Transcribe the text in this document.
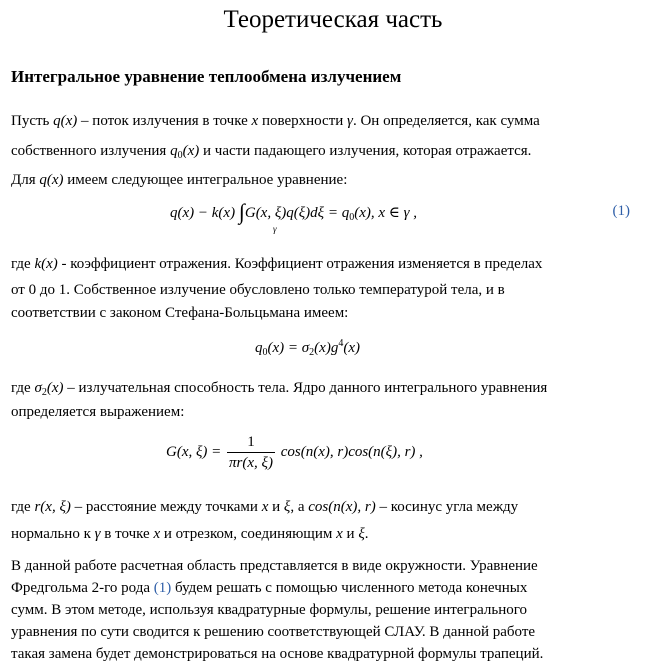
Теоретическая часть
Интегральное уравнение теплообмена излучением
Пусть q(x) – поток излучения в точке x поверхности γ. Он определяется, как сумма
собственного излучения $q_0(x)$ и части падающего излучения, которая отражается.
Для q(x) имеем следующее интегральное уравнение:
q(x) − k(x) ∫G(x, $\xi)q(\xi)d\xi = q_0(x)$, x ∈ γ ,
γ
(1)
где k(x) - коэффициент отражения. Коэффициент отражения изменяется в пределах
от 0 до 1. Собственное излучение обусловлено только температурой тела, и в
соответствии с законом Стефана-Больцьмана имеем:
$q_0(x) = \sigma_2(x)g^4(x)$
где $\sigma_2(x)$ – излучательная способность тела. Ядро данного интегрального уравнения
определяется выражением:
G(x, $\xi) = \frac{1}{\pi r(x, \xi)} \cos(n(x)$, r)cos(n(ξ), r) ,
где r(x, ξ) – расстояние между точками x и ξ, а cos(n(x), r) – косинус угла между
нормально к γ в точке x и отрезком, соединяющим x и ξ.
В данной работе расчетная область представляется в виде окружности. Уравнение
Фредгольма 2-го рода (1) будем решать с помощью численного метода конечных
сумм. В этом методе, используя квадратурные формулы, решение интегрального
уравнения по сути сводится к решению соответствующей СЛАУ. В данной работе
такая замена будет демонстрироваться на основе квадратурной формулы трапеций.
